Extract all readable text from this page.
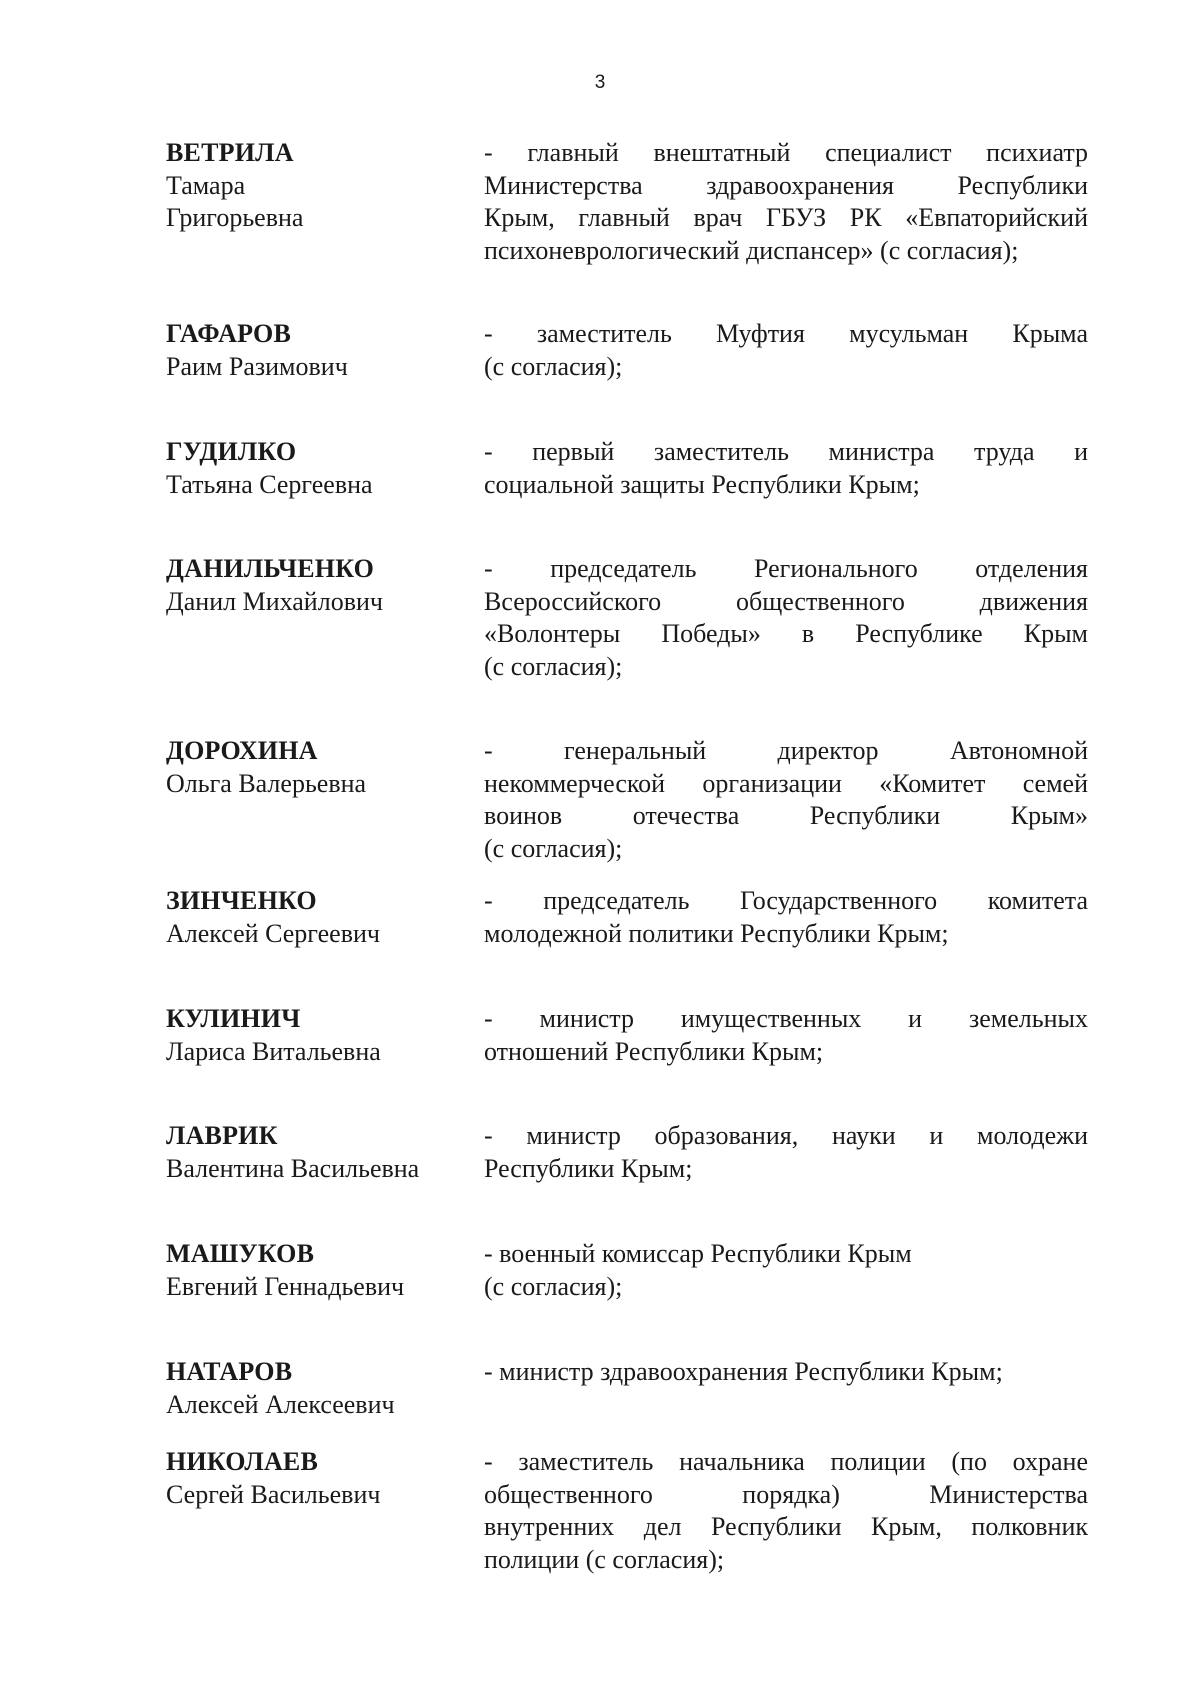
3
ВЕТРИЛА
Тамара
Григорьевна
- главный внештатный специалист психиатр
Министерства здравоохранения Республики
Крым, главный врач ГБУЗ РК «Евпаторийский
психоневрологический диспансер» (с согласия);
ГАФАРОВ
Раим Разимович
- заместитель Муфтия мусульман Крыма
(с согласия);
ГУДИЛКО
Татьяна Сергеевна
- первый заместитель министра труда и
социальной защиты Республики Крым;
ДАНИЛЬЧЕНКО
Данил Михайлович
- председатель Регионального отделения
Всероссийского общественного движения
«Волонтеры Победы» в Республике Крым
(с согласия);
ДОРОХИНА
Ольга Валерьевна
- генеральный директор Автономной
некоммерческой организации «Комитет семей
воинов отечества Республики Крым»
(с согласия);
ЗИНЧЕНКО
Алексей Сергеевич
- председатель Государственного комитета
молодежной политики Республики Крым;
КУЛИНИЧ
Лариса Витальевна
- министр имущественных и земельных
отношений Республики Крым;
ЛАВРИК
Валентина Васильевна
- министр образования, науки и молодежи
Республики Крым;
МАШУКОВ
Евгений Геннадьевич
- военный комиссар Республики Крым
(с согласия);
НАТАРОВ
Алексей Алексеевич
- министр здравоохранения Республики Крым;
НИКОЛАЕВ
Сергей Васильевич
- заместитель начальника полиции (по охране
общественного порядка) Министерства
внутренних дел Республики Крым, полковник
полиции (с согласия);
